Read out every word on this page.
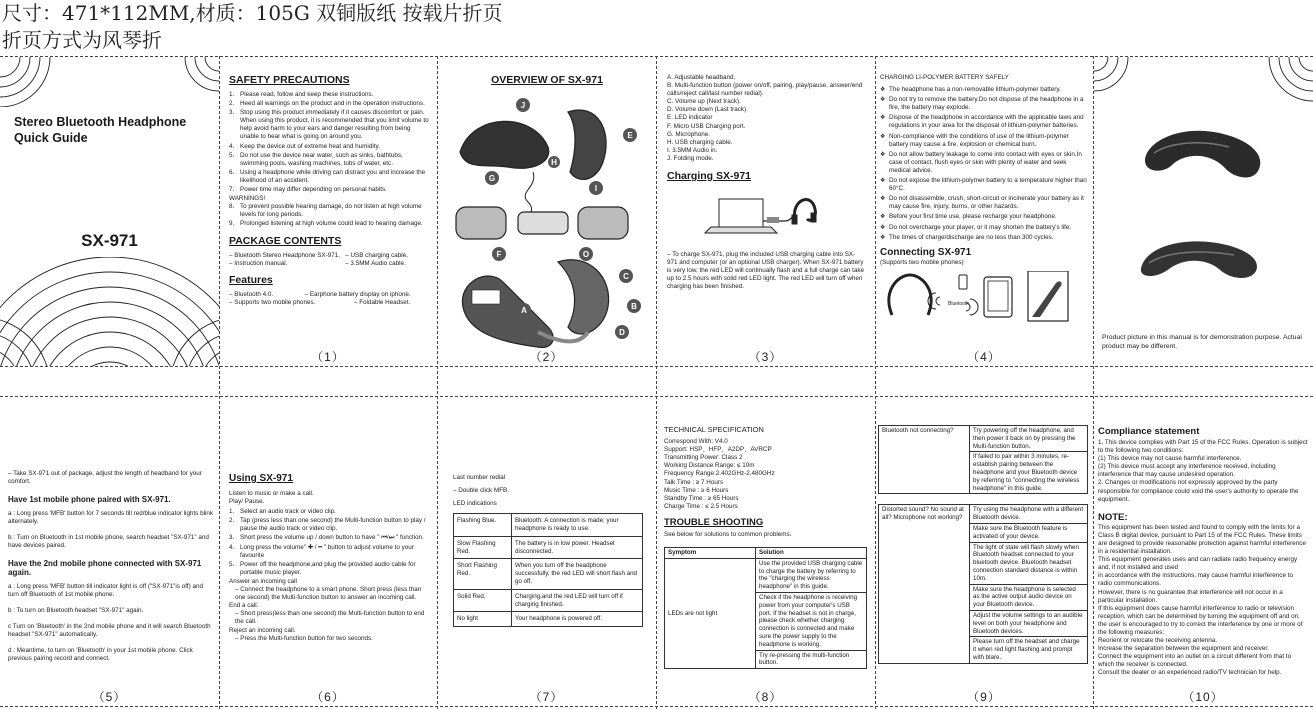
尺寸：471*112MM,材质：105G 双铜版纸 按载片折页
折页方式为风琴折
Stereo Bluetooth Headphone
Quick Guide
SX-971
SAFETY PRECAUTIONS
1. Please read, follow and keep these instructions.
2. Heed all warnings on the product and in the operation instructions.
3. Stop using this product immediately if it causes discomfort or pain. When using this product, it is recommended that you limit volume to help avoid harm to your ears and danger resulting from being unable to hear what is going on around you.
4. Keep the device out of extreme heat and humidity.
5. Do not use the device near water, such as sinks, bathtubs, swimming pools, washing machines, tubs of water, etc.
6. Using a headphone while driving can distract you and increase the likelihood of an accident.
7. Power time may differ depending on personal habits.
WARNINGS!
8. To prevent possible hearing damage, do not listen at high volume levels for long periods.
9. Prolonged listening at high volume could lead to hearing damage.
PACKAGE CONTENTS
– Bluetooth Stereo Headphone SX-971,   – USB charging cable,
– Instruction manual.                                 – 3.5MM Audio cable.
Features
– Bluetooth 4.0.                  – Earphone battery display on iphone.
– Supports two mobile phones.                      – Foldable Headset.
（1）
OVERVIEW OF SX-971
J
E
H
G
I
F	O
C
B
D
A
（2）
A. Adjustable headband.
B. Multi-function button (power on/off, pairing, play/pause, answer/end calls/reject call/last number redial).
C. Volume up (Next track).
D. Volume down (Last track).
E. LED indicator
F. Micro USB Charging port.
G. Microphone.
H. USB charging cable.
I. 3.5MM Audio in.
J. Folding mode.
Charging SX-971
– To charge SX-971, plug the included USB charging cable into SX-971 and computer (or an optional USB charger). When SX-971 battery is very low, the red LED will continually flash and a full charge can take up to 2.5 hours with solid red LED light. The red LED will turn off when charging has been finished.
（3）
CHARGING LI-POLYMER BATTERY SAFELY
❖ The headphone has a non-removable lithium-polymer battery.
❖ Do not try to remove the battery.Do not dispose of the headphone in a fire, the battery may explode.
❖ Dispose of the headphone in accordance with the applicable laws and regulations in your area for the disposal of lithium-polymer batteries.
❖ Non-compliance with the conditions of use of the lithium-polymer battery may cause a fire, explosion or chemical burn.
❖ Do not allow battery leakage to come into contact with eyes or skin.In case of contact, flush eyes or skin with plenty of water and seek medical advice.
❖ Do not expose the lithium-polymer battery to a temperature higher than 60°C.
❖ Do not disassemble, crush, short-circuit or incinerate your battery as it may cause fire, injury, burns, or other hazards.
❖ Before your first time use, please recharge your headphone.
❖ Do not overcharge your player, or it may shorten the battery's life.
❖ The times of charge/discharge are no less than 300 cycles.
Connecting SX-971
(Supports two mobile phones)
Bluetooth
（4）
Product picture in this manual is for demonstration purpose. Actual product may be different.
– Take SX-971 out of package, adjust the length of headband for your comfort.
Have 1st mobile phone paired with SX-971.
a : Long press 'MFB' button for 7 seconds till red/blue indicator lights blink alternately.
b : Turn on Bluetooth in 1st mobile phone, search headset "SX-971" and have devices paired.
Have the 2nd mobile phone connected with SX-971 again.
a : Long press 'MFB' button till indicator light is off ("SX-971"is off) and turn off Bluetooth of 1st mobile phone.
b : To turn on Bluetooth headset "SX-971" again.
c Turn on 'Bluetooth' in the 2nd mobile phone and it will search Bluetooth headset "SX-971" automatically.
d : Meantime, to turn on 'Bluetooth' in your 1st mobile phone. Click previous pairing record and connect.
（5）
Using SX-971
Listen to music or make a call.
Play/ Pause.
1. Select an audio track or video clip.
2. Tap (press less than one second) the Multi-function button to play / pause the audio track or video clip.
3. Short press the volume up / down button to have " ⏮/⏭ " function.
4. Long press the volume" ✚ / ━ " button to adjust volume to your favourite
5. Power off the headphone,and plug the provided audio cable for portable music player.
Answer an incoming call
– Connect the headphone to a smart phone. Short press (less than one second) the Multi-function button to answer an incoming call.
End a call.
– Short press(less than one second) the Multi-function button to end the call.
Reject an incoming call.
– Press the Multi-function button for two seconds.
（6）
Last number redial
– Double click MFB.
LED indications
Flashing Blue.	Bluetooth: A connection is made; your headphone is ready to use.
Slow Flashing Red.	The battery is in low power. Headset disconnected.
Short Flashing Red.	When you turn off the headphone successfully, the red LED will short flash and go off.
Solid Red.	Charging,and the red LED will turn off if charging finished.
No light	Your headphone is powered off.
（7）
TECHNICAL SPECIFICATION
Correspond With: V4.0
Support: HSP、HFP、A2DP、AVRCP
Transmitting Power: Class 2
Working Distance Range: ≤ 10m
Frequency Range:2.402GHz-2.480GHz
Talk Time : ≥ 7 Hours
Music Time : ≥ 6 Hours
Standby Time : ≥ 65 Hours
Charge Time : ≤ 2.5 Hours
TROUBLE SHOOTING
See below for solutions to common problems.
Symptom	Solution
LEDs are not light	Use the provided USB charging cable to charge the battery by referring to the "charging the wireless headphone" in this guide.
	Check if the headphone is receiving power from your computer's USB port. If the headset is not in charge, please check whether charging connection is connected and make sure the power supply to the headphone is working.
	Try re-pressing the multi-function button.
（8）
Bluetooth not connecting?	Try powering off the headphone, and then power it back on by pressing the Multi-function button.
If failed to pair within 3 minutes, re-establish pairing between the headphone and your Bluetooth device by referring to "connecting the wireless headphone" in this guide.
Distorted sound? No sound at all? Microphone not working?	Try using the headphone with a different Bluetooth device.
Make sure the Bluetooth feature is activated of your device.
The light of state will flash slowly when Bluetooth headset connected to your bluetooth device. Bluetooth headset connection standard distance is within 10m.
Make sure the headphone is selected as the active output audio device on your Bluetooth device.
Adjust the volume settings to an audible level on both your headphone and Bluetooth devices.
Please turn off the headset and charge it when red light flashing and prompt with blare.
（9）
Compliance statement
1. This device complies with Part 15 of the FCC Rules. Operation is subject to the following two conditions:
(1) This device may not cause harmful interference.
(2) This device must accept any interference received, including interference that may cause undesired operation.
2. Changes or modifications not expressly approved by the party responsible for compliance could void the user's authority to operate the equipment.
NOTE:
This equipment has been tested and found to comply with the limits for a Class B digital device, pursuant to Part 15 of the FCC Rules. These limits are designed to provide reasonable protection against harmful interference in a residential installation.
This equipment generates uses and can radiate radio frequency energy and, if not installed and used
in accordance with the instructions, may cause harmful interference to radio communications.
However, there is no guarantee that interference will not occur in a particular installation.
If this equipment does cause harmful interference to radio or television reception, which can be determined by turning the equipment off and on, the user is encouraged to try to correct the interference by one or more of the following measures:
Reorient or relocate the receiving antenna.
Increase the separation between the equipment and receiver.
Connect the equipment into an outlet on a circuit different from that to which the receiver is connected.
Consult the dealer or an experienced radio/TV technician for help.
（10）
